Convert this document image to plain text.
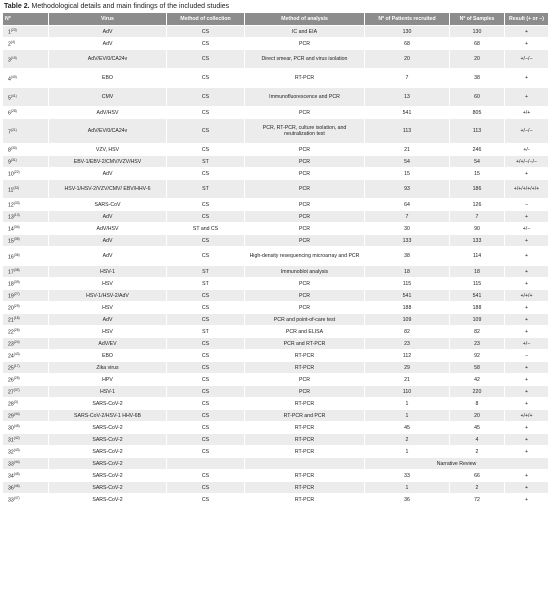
Table 2. Methodological details and main findings of the included studies
Nº	Virus	Method of collection	Method of analysis	Nº of Patients recruited	Nº of Samples	Result (+ or −)
1$^{(23)}$	AdV	CS	IC and EIA	130	130	+
2$^{(4)}$	AdV	CS	PCR	68	68	+
3$^{(19)}$	AdV/EV/0/CA24v	CS	Direct smear, PCR and virus isolation	20	20	+/−/−
4$^{(40)}$	EBO	CS	RT-PCR	7	38	+
5$^{(41)}$	CMV	CS	Immunofluorescence and PCR	13	60	+
6$^{(28)}$	AdV/HSV	CS	PCR	541	805	+/+
7$^{(21)}$	AdV/EV/0/CA24v	CS	PCR, RT-PCR, culture isolation, and neutralization test	113	113	+/−/−
8$^{(30)}$	VZV, HSV	CS	PCR	21	246	+/-
9$^{(31)}$	EBV-1/EBV-2/CMV/VZV/HSV	ST	PCR	54	54	+/+/−/−/−
10$^{(22)}$	AdV	CS	PCR	15	15	+
11$^{(32)}$	HSV-1/HSV-2/VZV/CMV/ EBV/HHV-6	ST	PCR	93	186	+/+/+/+/+/+
12$^{(33)}$	SARS-CoV	CS	PCR	64	126	−
13$^{(13)}$	AdV	CS	PCR	7	7	+
14$^{(34)}$	AdV/HSV	ST and CS	PCR	30	90	+/−
15$^{(35)}$	AdV	CS	PCR	133	133	+
16$^{(36)}$	AdV	CS	High-density resequencing microarray and PCR	38	114	+
17$^{(38)}$	HSV-1	ST	Immunoblot analysis	18	18	+
18$^{(39)}$	HSV	ST	PCR	115	115	+
19$^{(27)}$	HSV-1/HSV-2/AdV	CS	PCR	541	541	+/+/+
20$^{(29)}$	HSV	CS	PCR	188	188	+
21$^{(18)}$	AdV	CS	PCR and point-of-care test	109	109	+
22$^{(26)}$	HSV	ST	PCR and ELISA	82	82	+
23$^{(24)}$	AdV/EV	CS	PCR and RT-PCR	23	23	+/−
24$^{(43)}$	EBO	CS	RT-PCR	112	92	−
25$^{(17)}$	Zika virus	CS	RT-PCR	29	58	+
26$^{(25)}$	HPV	CS	PCR	21	42	+
27$^{(37)}$	HSV-1	CS	PCR	110	220	+
28$^{(3)}$	SARS-CoV-2	CS	RT-PCR	1	8	+
29$^{(44)}$	SARS-CoV-2/HSV-1 HHV-6B	CS	RT-PCR and PCR	1	20	+/+/+
30$^{(45)}$	SARS-CoV-2	CS	RT-PCR	45	45	+
31$^{(42)}$	SARS-CoV-2	CS	RT-PCR	2	4	+
32$^{(43)}$	SARS-CoV-2	CS	RT-PCR	1	2	+
33$^{(44)}$	SARS-CoV-2			Narrative Review		
34$^{(45)}$	SARS-CoV-2	CS	RT-PCR	33	66	+
36$^{(46)}$	SARS-CoV-2	CS	RT-PCR	1	2	+
33$^{(47)}$	SARS-CoV-2	CS	RT-PCR	36	72	+
